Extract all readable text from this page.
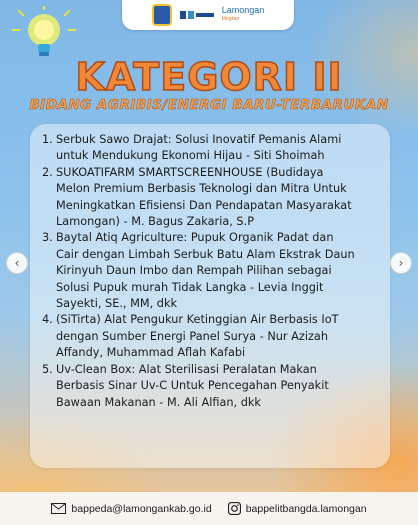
Lamongan
Megilan
KATEGORI II
BIDANG AGRIBIS/ENERGI BARU-TERBARUKAN
1. Serbuk Sawo Drajat: Solusi Inovatif Pemanis Alami
untuk Mendukung Ekonomi Hijau - Siti Shoimah
2. SUKOATIFARM SMARTSCREENHOUSE (Budidaya
Melon Premium Berbasis Teknologi dan Mitra Untuk
Meningkatkan Efisiensi Dan Pendapatan Masyarakat
Lamongan) - M. Bagus Zakaria, S.P
3. Baytal Atiq Agriculture: Pupuk Organik Padat dan
Cair dengan Limbah Serbuk Batu Alam Ekstrak Daun
Kirinyuh Daun Imbo dan Rempah Pilihan sebagai
Solusi Pupuk murah Tidak Langka - Levia Inggit
Sayekti, SE., MM, dkk
4. (SiTirta) Alat Pengukur Ketinggian Air Berbasis IoT
dengan Sumber Energi Panel Surya - Nur Azizah
Affandy, Muhammad Aflah Kafabi
5. Uv-Clean Box: Alat Sterilisasi Peralatan Makan
Berbasis Sinar Uv-C Untuk Pencegahan Penyakit
Bawaan Makanan - M. Ali Alfian, dkk
‹	›
bappeda@lamongankab.go.id	bappelitbangda.lamongan
